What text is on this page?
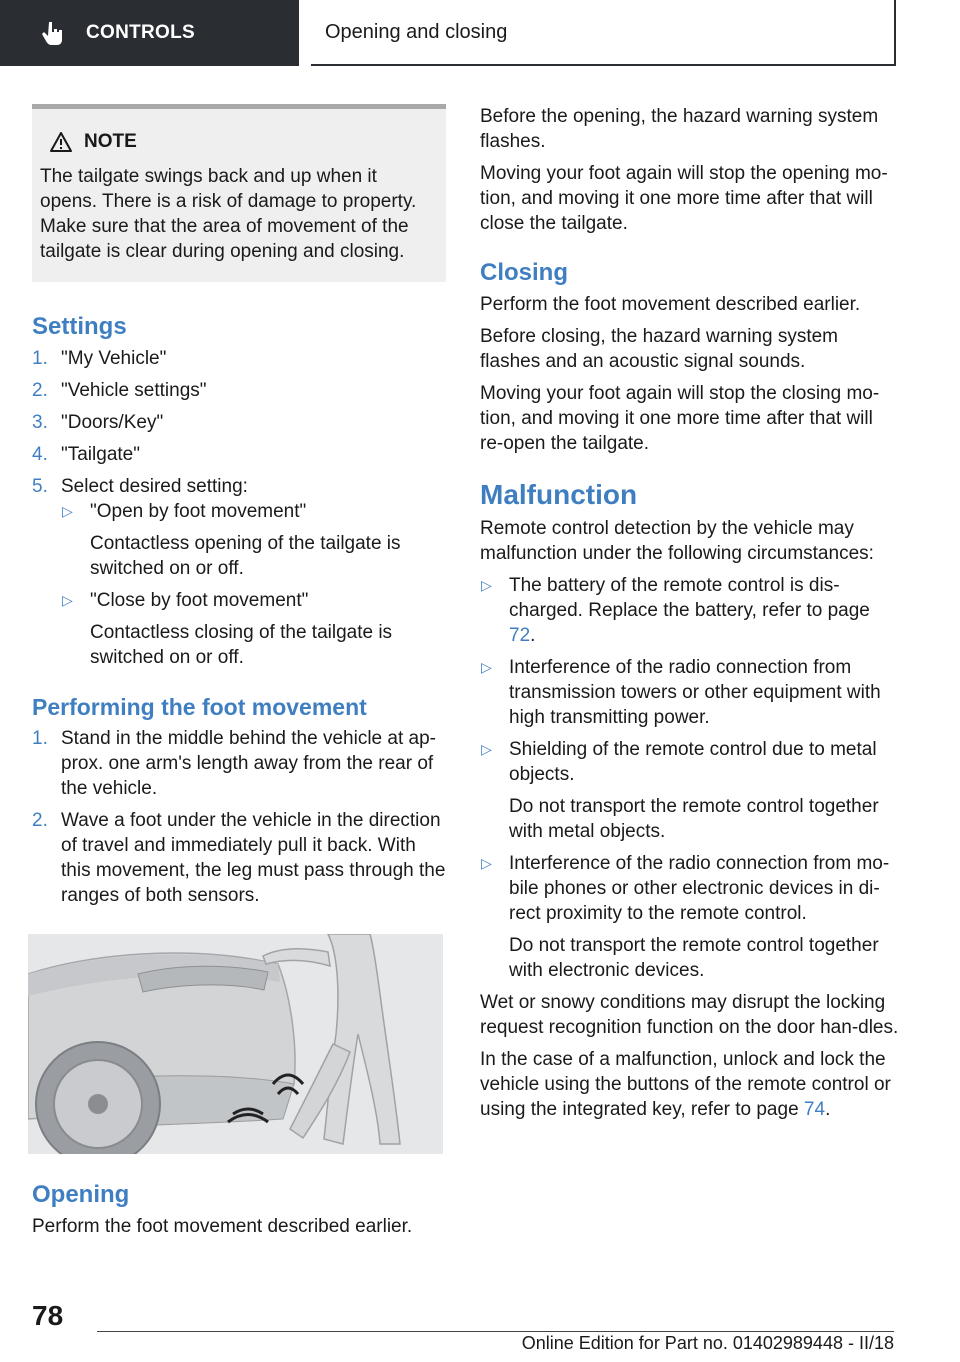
CONTROLS	Opening and closing
NOTE

The tailgate swings back and up when it opens. There is a risk of damage to property. Make sure that the area of movement of the tailgate is clear during opening and closing.

Settings
1. "My Vehicle"
2. "Vehicle settings"
3. "Doors/Key"
4. "Tailgate"
5. Select desired setting:
▷ "Open by foot movement"

Contactless opening of the tailgate is switched on or off.

▷ "Close by foot movement"

Contactless closing of the tailgate is switched on or off.

Performing the foot movement
1. Stand in the middle behind the vehicle at ap-prox. one arm's length away from the rear of the vehicle.
2. Wave a foot under the vehicle in the direction of travel and immediately pull it back. With this movement, the leg must pass through the ranges of both sensors.
Opening

Perform the foot movement described earlier.

Before the opening, the hazard warning system flashes.

Moving your foot again will stop the opening mo-tion, and moving it one more time after that will close the tailgate.

Closing

Perform the foot movement described earlier.

Before closing, the hazard warning system flashes and an acoustic signal sounds.

Moving your foot again will stop the closing mo-tion, and moving it one more time after that will re-open the tailgate.

Malfunction

Remote control detection by the vehicle may malfunction under the following circumstances:

▷ The battery of the remote control is dis-charged. Replace the battery, refer to page 72.
▷ Interference of the radio connection from transmission towers or other equipment with high transmitting power.
▷ Shielding of the remote control due to metal objects.

Do not transport the remote control together with metal objects.

▷ Interference of the radio connection from mo-bile phones or other electronic devices in di-rect proximity to the remote control.

Do not transport the remote control together with electronic devices.

Wet or snowy conditions may disrupt the locking request recognition function on the door han-dles.

In the case of a malfunction, unlock and lock the vehicle using the buttons of the remote control or using the integrated key, refer to page 74.

78
Online Edition for Part no. 01402989448 - II/18
